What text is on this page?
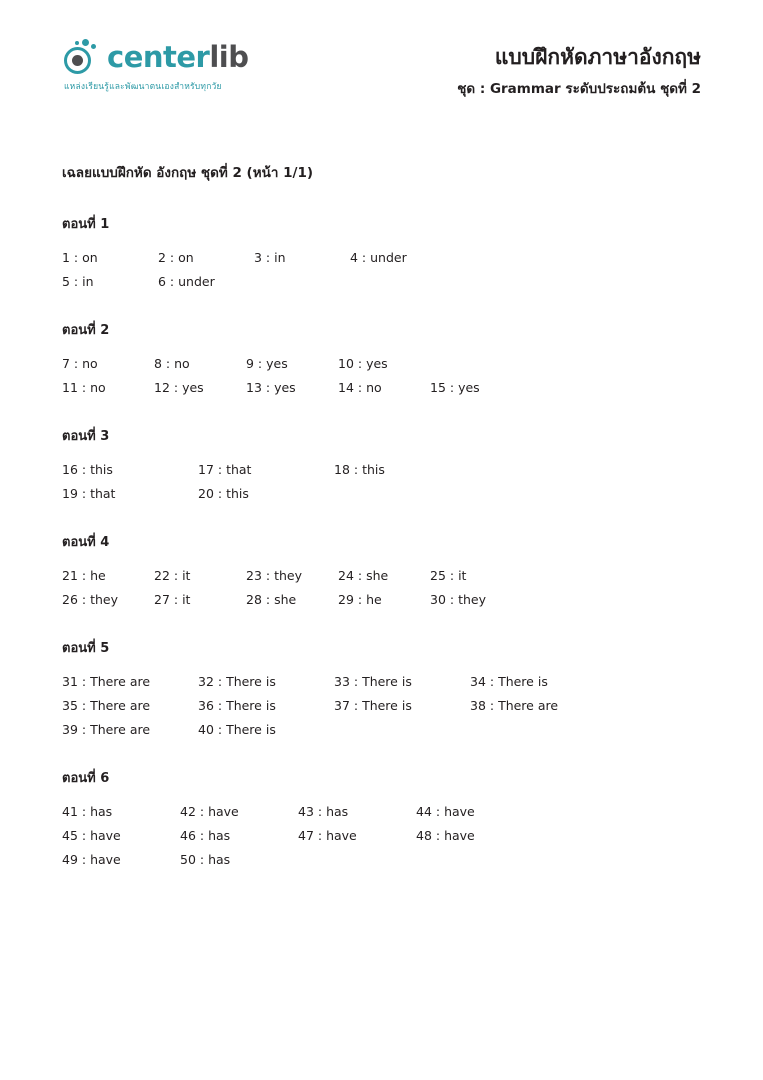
centerlib
แหล่งเรียนรู้และพัฒนาตนเองสำหรับทุกวัย
แบบฝึกหัดภาษาอังกฤษ
ชุด : Grammar ระดับประถมต้น ชุดที่ 2
เฉลยแบบฝึกหัด อังกฤษ ชุดที่ 2 (หน้า 1/1)
ตอนที่ 1
1 : on	2 : on	3 : in	4 : under
5 : in	6 : under
ตอนที่ 2
7 : no	8 : no	9 : yes	10 : yes
11 : no	12 : yes	13 : yes	14 : no	15 : yes
ตอนที่ 3
16 : this	17 : that	18 : this
19 : that	20 : this
ตอนที่ 4
21 : he	22 : it	23 : they	24 : she	25 : it
26 : they	27 : it	28 : she	29 : he	30 : they
ตอนที่ 5
31 : There are	32 : There is	33 : There is	34 : There is
35 : There are	36 : There is	37 : There is	38 : There are
39 : There are	40 : There is
ตอนที่ 6
41 : has	42 : have	43 : has	44 : have
45 : have	46 : has	47 : have	48 : have
49 : have	50 : has
